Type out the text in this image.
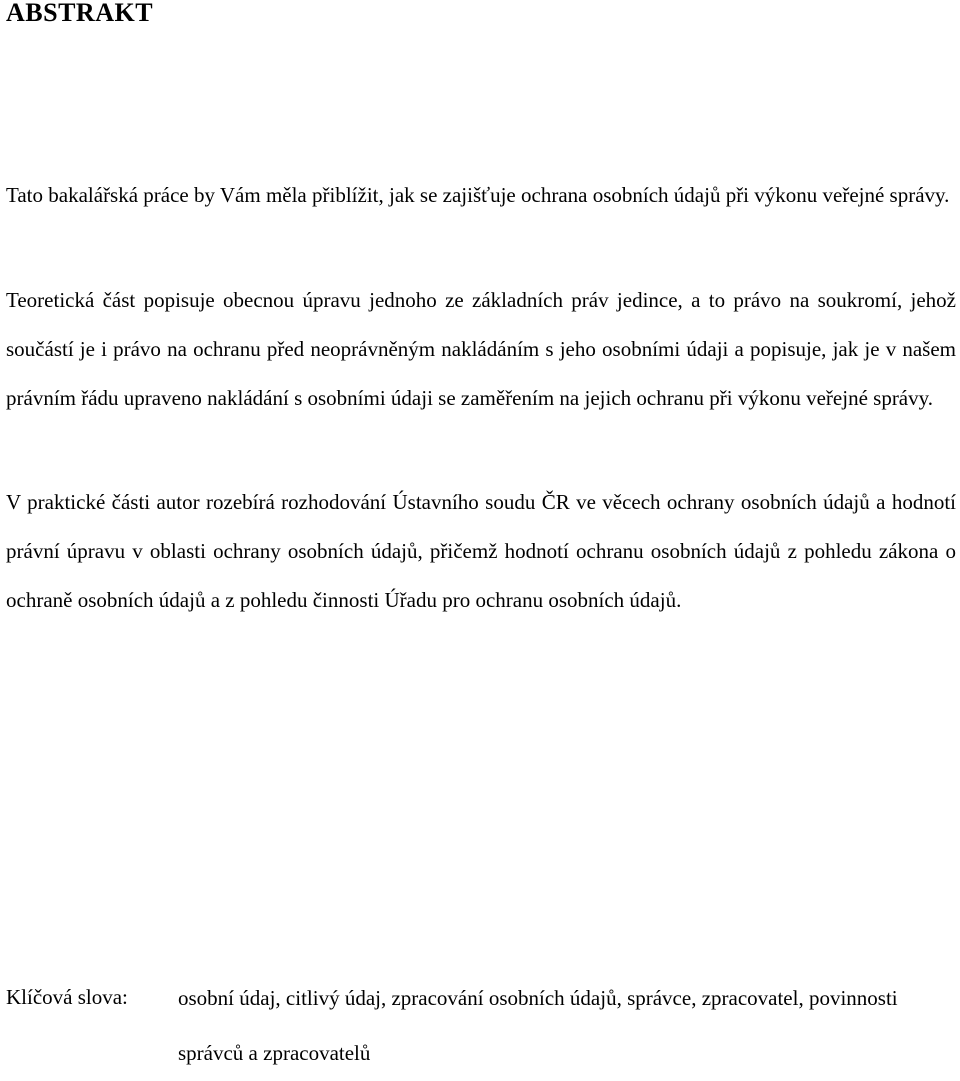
ABSTRAKT

Tato bakalářská práce by Vám měla přiblížit, jak se zajišťuje ochrana osobních údajů při výkonu veřejné správy.

Teoretická část popisuje obecnou úpravu jednoho ze základních práv jedince, a to právo na soukromí, jehož součástí je i právo na ochranu před neoprávněným nakládáním s jeho osobními údaji a popisuje, jak je v našem právním řádu upraveno nakládání s osobními údaji se zaměřením na jejich ochranu při výkonu veřejné správy.

V praktické části autor rozebírá rozhodování Ústavního soudu ČR ve věcech ochrany osobních údajů a hodnotí právní úpravu v oblasti ochrany osobních údajů, přičemž hodnotí ochranu osobních údajů z pohledu zákona o ochraně osobních údajů a z pohledu činnosti Úřadu pro ochranu osobních údajů.

Klíčová slova: osobní údaj, citlivý údaj, zpracování osobních údajů, správce, zpracovatel, povinnosti správců a zpracovatelů
